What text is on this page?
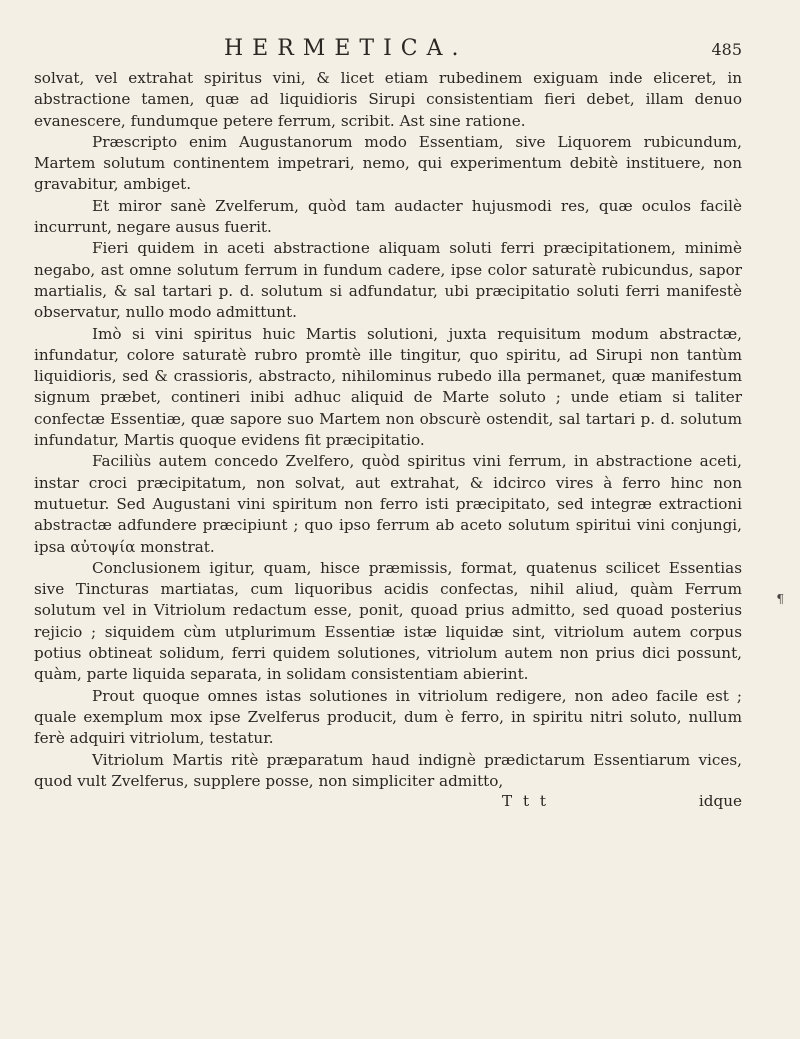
HERMETICA.	485

solvat, vel extrahat spiritus vini, & licet etiam rubedinem exiguam inde eliceret, in abstractione tamen, quæ ad liquidioris Sirupi consistentiam fieri debet, illam denuo evanescere, fundumque petere ferrum, scribit. Ast sine ratione.

Præscripto enim Augustanorum modo Essentiam, sive Liquorem rubicundum, Martem solutum continentem impetrari, nemo, qui experimentum debitè instituere, non gravabitur, ambiget.

Et miror sanè Zvelferum, quòd tam audacter hujusmodi res, quæ oculos facilè incurrunt, negare ausus fuerit.

Fieri quidem in aceti abstractione aliquam soluti ferri præcipitationem, minimè negabo, ast omne solutum ferrum in fundum cadere, ipse color saturatè rubicundus, sapor martialis, & sal tartari p. d. solutum si adfundatur, ubi præcipitatio soluti ferri manifestè observatur, nullo modo admittunt.

Imò si vini spiritus huic Martis solutioni, juxta requisitum modum abstractæ, infundatur, colore saturatè rubro promtè ille tingitur, quo spiritu, ad Sirupi non tantùm liquidioris, sed & crassioris, abstracto, nihilominus rubedo illa permanet, quæ manifestum signum præbet, contineri inibi adhuc aliquid de Marte soluto ; unde etiam si taliter confectæ Essentiæ, quæ sapore suo Martem non obscurè ostendit, sal tartari p. d. solutum infundatur, Martis quoque evidens fit præcipitatio.

Faciliùs autem concedo Zvelfero, quòd spiritus vini ferrum, in abstractione aceti, instar croci præcipitatum, non solvat, aut extrahat, & idcirco vires à ferro hinc non mutuetur. Sed Augustani vini spiritum non ferro isti præcipitato, sed integræ extractioni abstractæ adfundere præcipiunt ; quo ipso ferrum ab aceto solutum spiritui vini conjungi, ipsa αὐτοψία monstrat.

Conclusionem igitur, quam, hisce præmissis, format, quatenus scilicet Essentias sive Tincturas martiatas, cum liquoribus acidis confectas, nihil aliud, quàm Ferrum solutum vel in Vitriolum redactum esse, ponit, quoad prius admitto, sed quoad posterius rejicio ; siquidem cùm utplurimum Essentiæ istæ liquidæ sint, vitriolum autem corpus potius obtineat solidum, ferri quidem solutiones, vitriolum autem non prius dici possunt, quàm, parte liquida separata, in solidam consistentiam abierint.

Prout quoque omnes istas solutiones in vitriolum redigere, non adeo facile est ; quale exemplum mox ipse Zvelferus producit, dum è ferro, in spiritu nitri soluto, nullum ferè adquiri vitriolum, testatur.

Vitriolum Martis ritè præparatum haud indignè prædictarum Essentiarum vices, quod vult Zvelferus, supplere posse, non simpliciter admitto,

T t t	idque
¶
